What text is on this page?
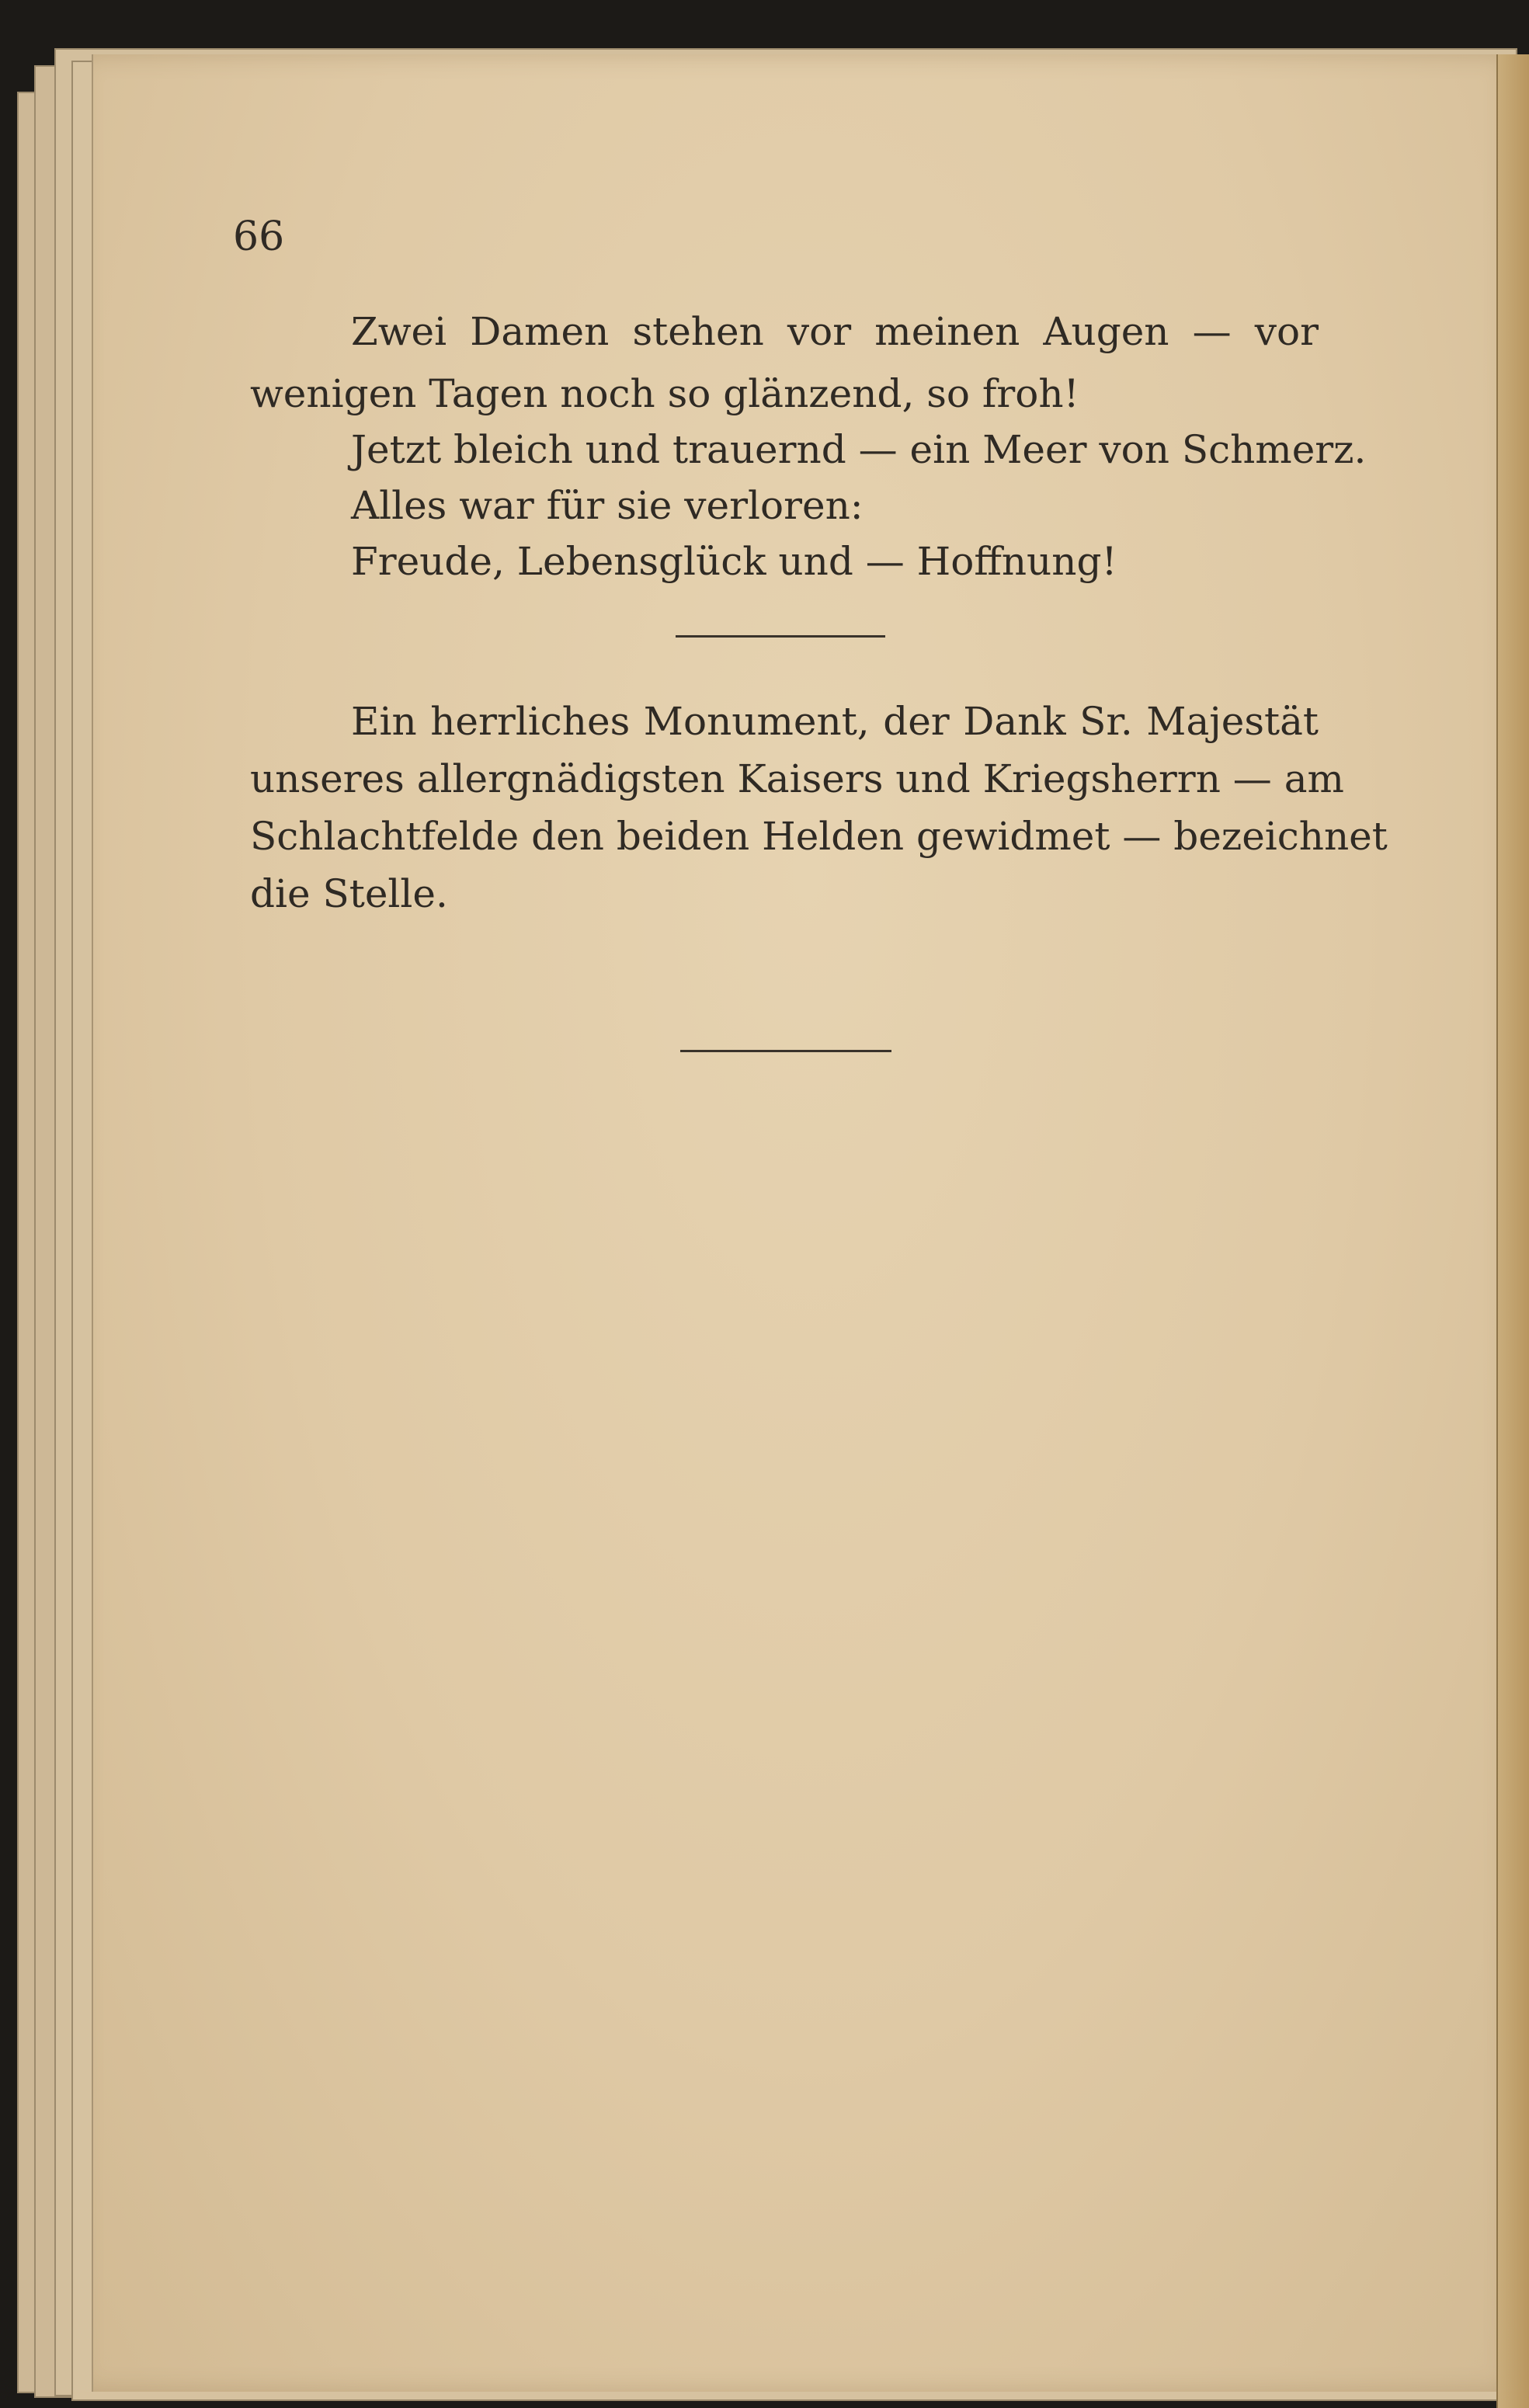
66
Zwei Damen stehen vor meinen Augen — vor
wenigen Tagen noch so glänzend, so froh!
Jetzt bleich und trauernd — ein Meer von Schmerz.
Alles war für sie verloren:
Freude, Lebensglück und — Hoffnung!
Ein herrliches Monument, der Dank Sr. Majestät
unseres allergnädigsten Kaisers und Kriegsherrn — am
Schlachtfelde den beiden Helden gewidmet — bezeichnet
die Stelle.
